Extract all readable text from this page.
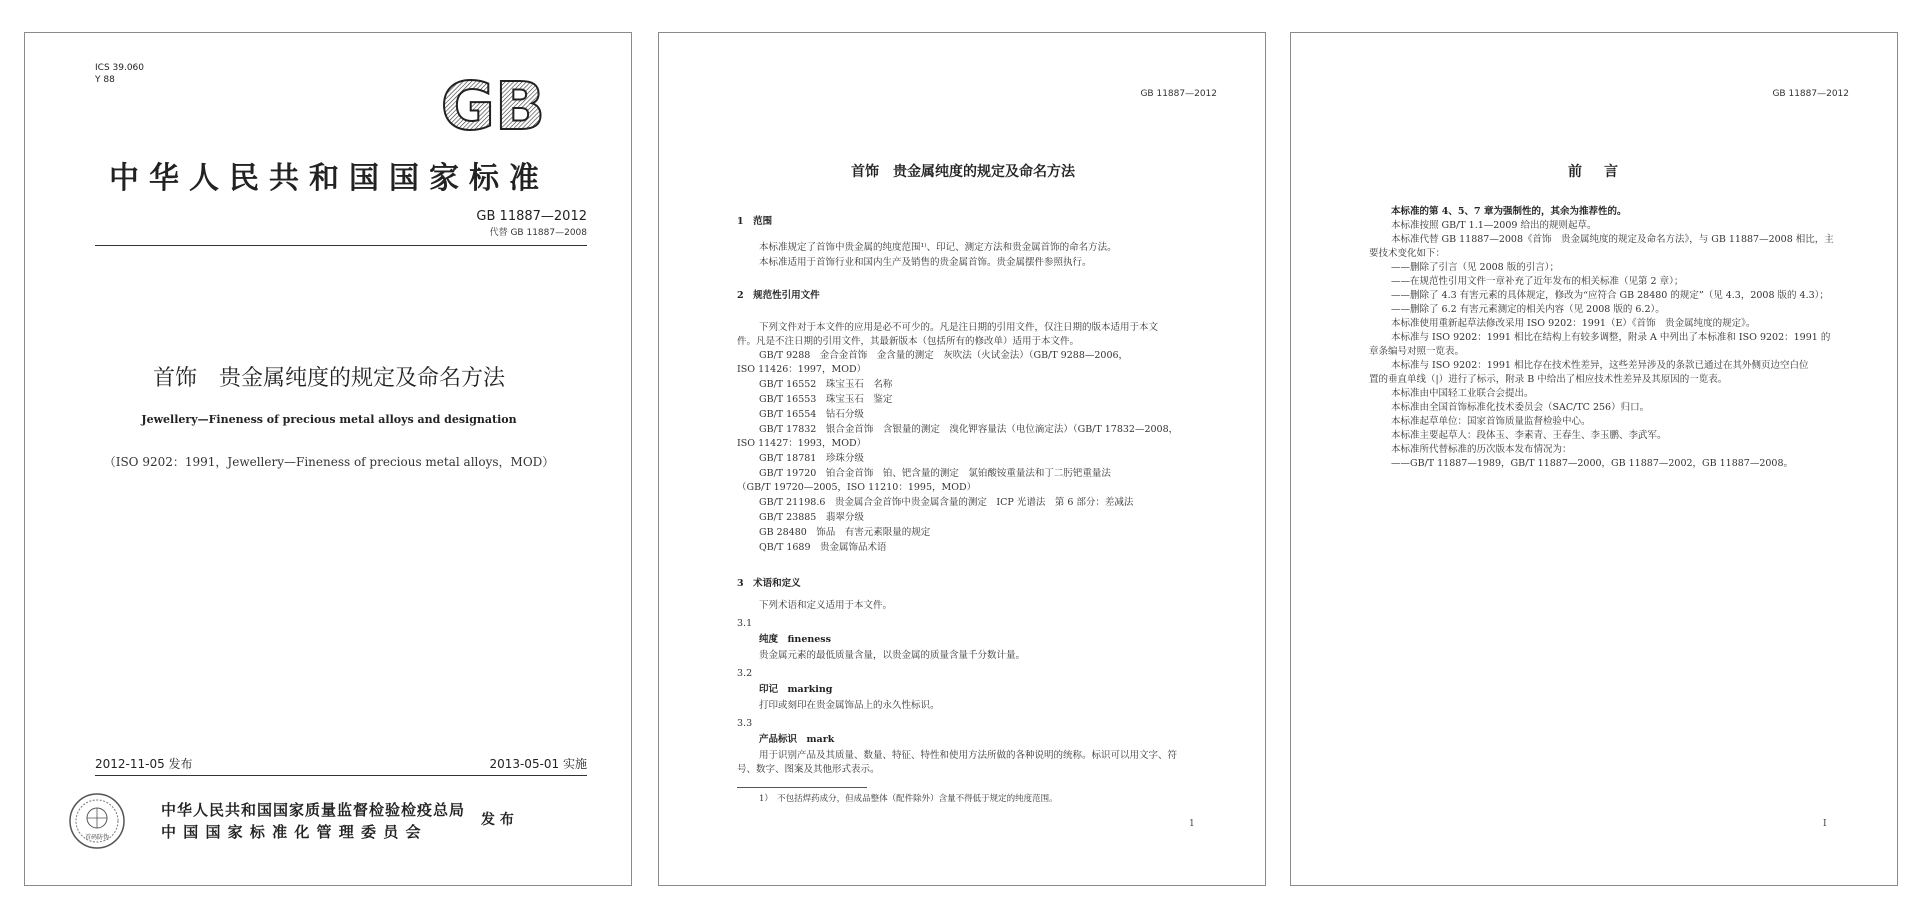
ICS 39.060
Y 88	GB
中华人民共和国国家标准
GB 11887—2012
代替 GB 11887—2008
首饰　贵金属纯度的规定及命名方法
Jewellery—Fineness of precious metal alloys and designation
（ISO 9202：1991，Jewellery—Fineness of precious metal alloys，MOD）
2012-11-05 发布	2013-05-01 实施
首码防伪
中华人民共和国国家质量监督检验检疫总局
中 国 国 家 标 准 化 管 理 委 员 会
发 布
GB 11887—2012
首饰　贵金属纯度的规定及命名方法
1　范围
本标准规定了首饰中贵金属的纯度范围¹⁾、印记、测定方法和贵金属首饰的命名方法。
本标准适用于首饰行业和国内生产及销售的贵金属首饰。贵金属摆件参照执行。
2　规范性引用文件
下列文件对于本文件的应用是必不可少的。凡是注日期的引用文件，仅注日期的版本适用于本文
件。凡是不注日期的引用文件，其最新版本（包括所有的修改单）适用于本文件。
GB/T 9288　金合金首饰　金含量的测定　灰吹法（火试金法）（GB/T 9288—2006，
ISO 11426：1997，MOD）
GB/T 16552　珠宝玉石　名称
GB/T 16553　珠宝玉石　鉴定
GB/T 16554　钻石分级
GB/T 17832　银合金首饰　含银量的测定　溴化钾容量法（电位滴定法）（GB/T 17832—2008，
ISO 11427：1993，MOD）
GB/T 18781　珍珠分级
GB/T 19720　铂合金首饰　铂、钯含量的测定　氯铂酸铵重量法和丁二肟钯重量法
（GB/T 19720—2005，ISO 11210：1995，MOD）
GB/T 21198.6　贵金属合金首饰中贵金属含量的测定　ICP 光谱法　第 6 部分：差减法
GB/T 23885　翡翠分级
GB 28480　饰品　有害元素限量的规定
QB/T 1689　贵金属饰品术语
3　术语和定义
下列术语和定义适用于本文件。
3.1
纯度　fineness
贵金属元素的最低质量含量，以贵金属的质量含量千分数计量。
3.2
印记　marking
打印或刻印在贵金属饰品上的永久性标识。
3.3
产品标识　mark
用于识别产品及其质量、数量、特征、特性和使用方法所做的各种说明的统称。标识可以用文字、符
号、数字、图案及其他形式表示。
1）　不包括焊药成分，但成品整体（配件除外）含量不得低于规定的纯度范围。
1
GB 11887—2012
前　言
本标准的第 4、5、7 章为强制性的，其余为推荐性的。
本标准按照 GB/T 1.1—2009 给出的规则起草。
本标准代替 GB 11887—2008《首饰　贵金属纯度的规定及命名方法》，与 GB 11887—2008 相比，主
要技术变化如下：
——删除了引言（见 2008 版的引言）；
——在规范性引用文件一章补充了近年发布的相关标准（见第 2 章）；
——删除了 4.3 有害元素的具体规定，修改为“应符合 GB 28480 的规定”（见 4.3，2008 版的 4.3）；
——删除了 6.2 有害元素测定的相关内容（见 2008 版的 6.2）。
本标准使用重新起草法修改采用 ISO 9202：1991（E）《首饰　贵金属纯度的规定》。
本标准与 ISO 9202：1991 相比在结构上有较多调整，附录 A 中列出了本标准和 ISO 9202：1991 的
章条编号对照一览表。
本标准与 ISO 9202：1991 相比存在技术性差异，这些差异涉及的条款已通过在其外侧页边空白位
置的垂直单线（|）进行了标示，附录 B 中给出了相应技术性差异及其原因的一览表。
本标准由中国轻工业联合会提出。
本标准由全国首饰标准化技术委员会（SAC/TC 256）归口。
本标准起草单位：国家首饰质量监督检验中心。
本标准主要起草人：段体玉、李素青、王春生、李玉鹏、李武军。
本标准所代替标准的历次版本发布情况为：
——GB/T 11887—1989，GB/T 11887—2000，GB 11887—2002，GB 11887—2008。
I
